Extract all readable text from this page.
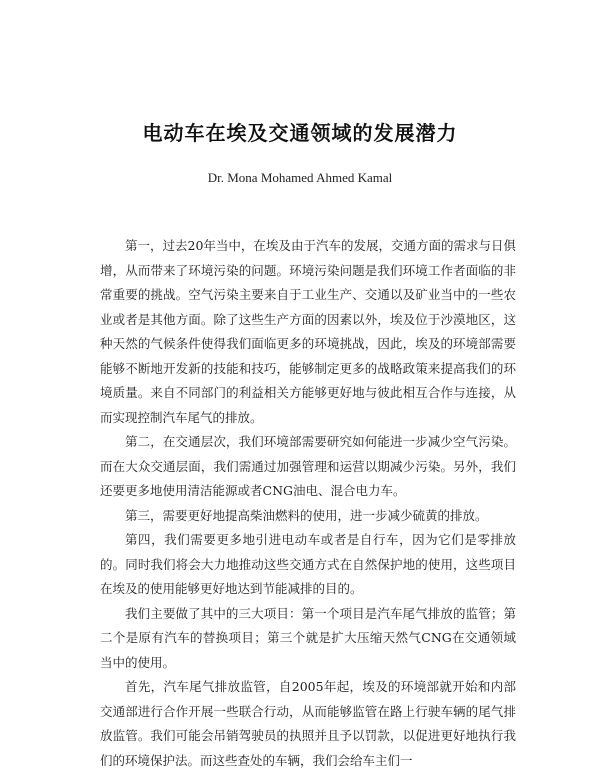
电动车在埃及交通领域的发展潜力
Dr. Mona Mohamed Ahmed Kamal

第一，过去20年当中，在埃及由于汽车的发展，交通方面的需求与日俱增，从而带来了环境污染的问题。环境污染问题是我们环境工作者面临的非常重要的挑战。空气污染主要来自于工业生产、交通以及矿业当中的一些农业或者是其他方面。除了这些生产方面的因素以外，埃及位于沙漠地区，这种天然的气候条件使得我们面临更多的环境挑战，因此，埃及的环境部需要能够不断地开发新的技能和技巧，能够制定更多的战略政策来提高我们的环境质量。来自不同部门的利益相关方能够更好地与彼此相互合作与连接，从而实现控制汽车尾气的排放。

第二，在交通层次，我们环境部需要研究如何能进一步减少空气污染。而在大众交通层面，我们需通过加强管理和运营以期减少污染。另外，我们还要更多地使用清洁能源或者CNG油电、混合电力车。

第三，需要更好地提高柴油燃料的使用，进一步减少硫黄的排放。

第四，我们需要更多地引进电动车或者是自行车，因为它们是零排放的。同时我们将会大力地推动这些交通方式在自然保护地的使用，这些项目在埃及的使用能够更好地达到节能减排的目的。

我们主要做了其中的三大项目：第一个项目是汽车尾气排放的监管；第二个是原有汽车的替换项目；第三个就是扩大压缩天然气CNG在交通领域当中的使用。

首先，汽车尾气排放监管，自2005年起，埃及的环境部就开始和内部交通部进行合作开展一些联合行动，从而能够监管在路上行驶车辆的尾气排放监管。我们可能会吊销驾驶员的执照并且予以罚款，以促进更好地执行我们的环境保护法。而这些查处的车辆，我们会给车主们一
